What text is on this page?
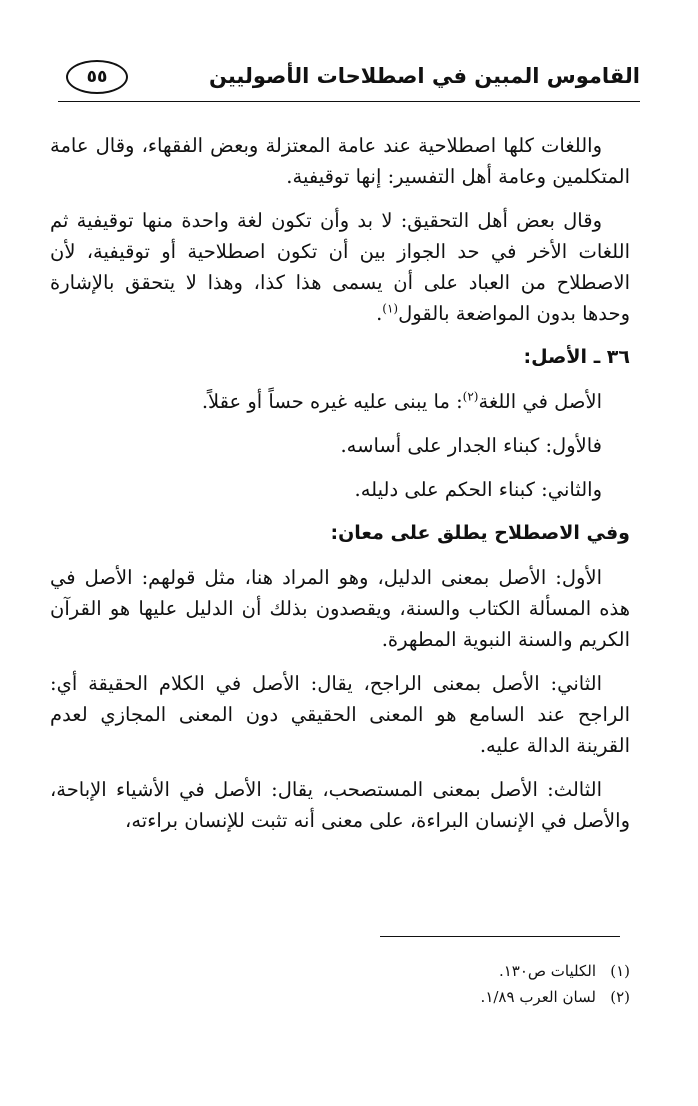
القاموس المبين في اصطلاحات الأصوليين
٥٥

واللغات كلها اصطلاحية عند عامة المعتزلة وبعض الفقهاء، وقال عامة المتكلمين وعامة أهل التفسير: إنها توقيفية.

وقال بعض أهل التحقيق: لا بد وأن تكون لغة واحدة منها توقيفية ثم اللغات الأخر في حد الجواز بين أن تكون اصطلاحية أو توقيفية، لأن الاصطلاح من العباد على أن يسمى هذا كذا، وهذا لا يتحقق بالإشارة وحدها بدون المواضعة بالقول$^{(١)}$.

٣٦ ـ الأصل:

الأصل في اللغة$^{(٢)}$: ما يبنى عليه غيره حساً أو عقلاً.

فالأول: كبناء الجدار على أساسه.

والثاني: كبناء الحكم على دليله.

وفي الاصطلاح يطلق على معان:

الأول: الأصل بمعنى الدليل، وهو المراد هنا، مثل قولهم: الأصل في هذه المسألة الكتاب والسنة، ويقصدون بذلك أن الدليل عليها هو القرآن الكريم والسنة النبوية المطهرة.

الثاني: الأصل بمعنى الراجح، يقال: الأصل في الكلام الحقيقة أي: الراجح عند السامع هو المعنى الحقيقي دون المعنى المجازي لعدم القرينة الدالة عليه.

الثالث: الأصل بمعنى المستصحب، يقال: الأصل في الأشياء الإباحة، والأصل في الإنسان البراءة، على معنى أنه تثبت للإنسان براءته،

(١)الكليات ص١٣٠.
(٢)لسان العرب ١/٨٩.
